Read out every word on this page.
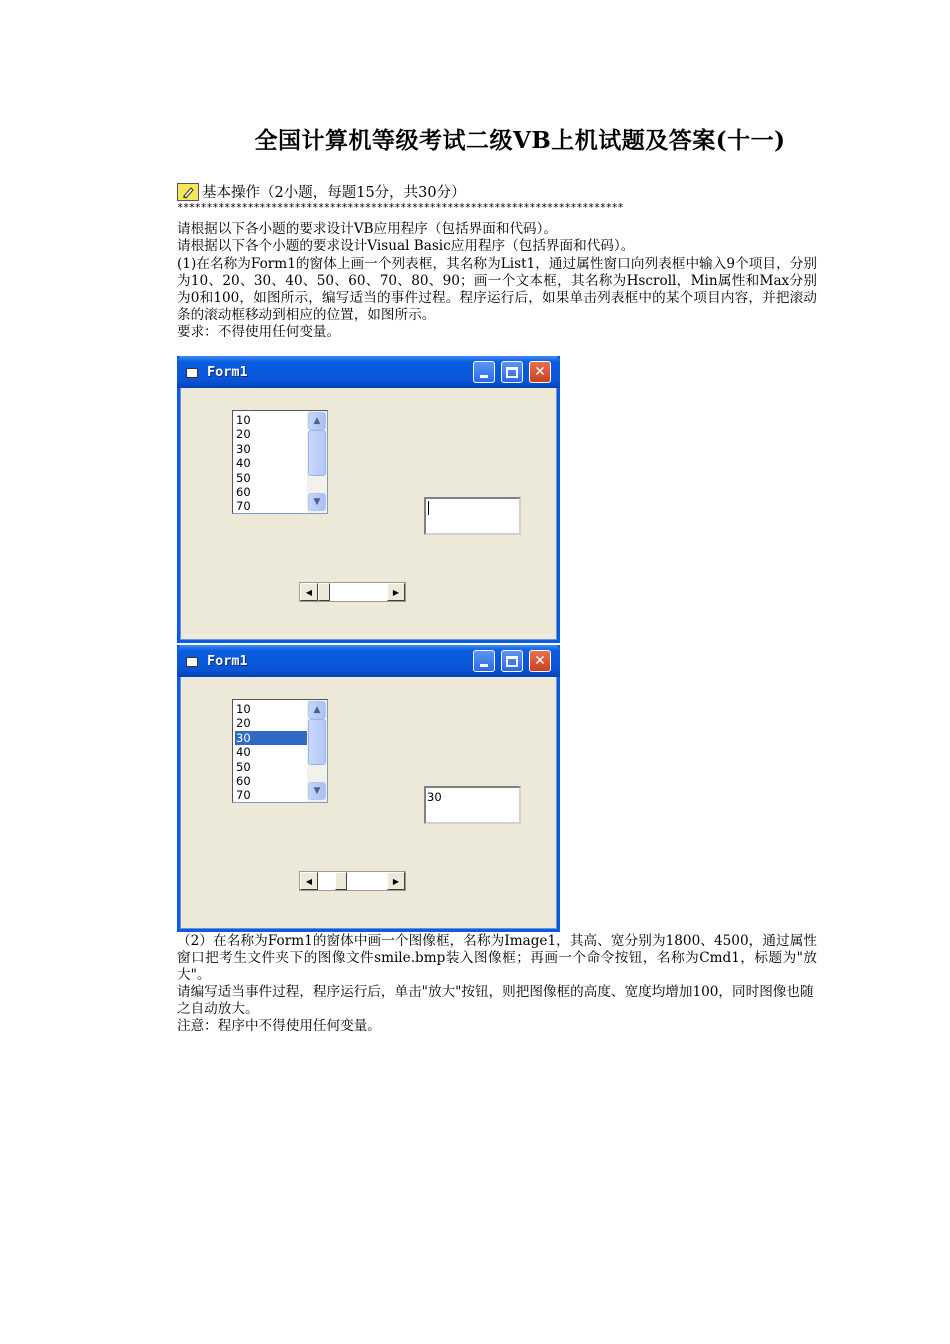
全国计算机等级考试二级VB上机试题及答案(十一)
基本操作（2小题，每题15分，共30分）
****************************************************************************
请根据以下各小题的要求设计VB应用程序（包括界面和代码）。
请根据以下各个小题的要求设计Visual Basic应用程序（包括界面和代码）。
(1)在名称为Form1的窗体上画一个列表框，其名称为List1，通过属性窗口向列表框中输入9个项目，分别为10、20、30、40、50、60、70、80、90；画一个文本框，其名称为Hscroll，Min属性和Max分别为0和100，如图所示，编写适当的事件过程。程序运行后，如果单击列表框中的某个项目内容，并把滚动条的滚动框移动到相应的位置，如图所示。
要求：不得使用任何变量。
Form1	✕
10
20
30
40
50
60
70
▲
▼
◀	▶
Form1	✕
10
20
30
40
50
60
70
▲
▼	30
◀	▶
（2）在名称为Form1的窗体中画一个图像框，名称为Image1，其高、宽分别为1800、4500，通过属性窗口把考生文件夹下的图像文件smile.bmp装入图像框；再画一个命令按钮，名称为Cmd1，标题为"放大"。
请编写适当事件过程，程序运行后，单击"放大"按钮，则把图像框的高度、宽度均增加100，同时图像也随之自动放大。
注意：程序中不得使用任何变量。
